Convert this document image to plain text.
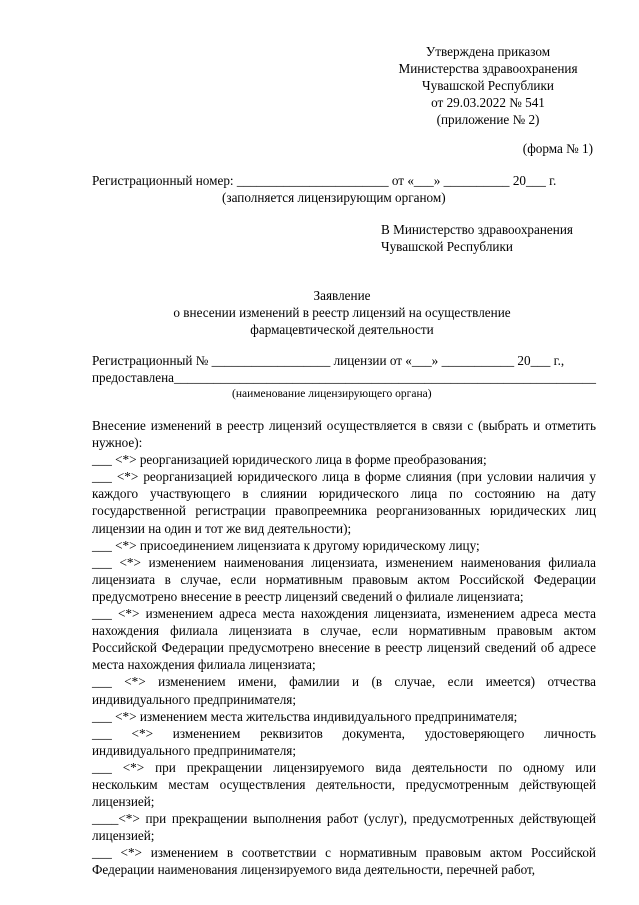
Утверждена приказом
Министерства здравоохранения
Чувашской Республики
от 29.03.2022 № 541
(приложение № 2)
(форма № 1)
Регистрационный номер: _______________________ от «___» __________ 20___ г.
(заполняется лицензирующим органом)
В Министерство здравоохранения
Чувашской Республики
Заявление
о внесении изменений в реестр лицензий на осуществление
фармацевтической деятельности
Регистрационный № __________________ лицензии от «___» ___________ 20___ г.,
предоставлена________________________________________________________________
(наименование лицензирующего органа)

Внесение изменений в реестр лицензий осуществляется в связи с (выбрать и отметить нужное):

___ <*> реорганизацией юридического лица в форме преобразования;

___ <*> реорганизацией юридического лица в форме слияния (при условии наличия у каждого участвующего в слиянии юридического лица по состоянию на дату государственной регистрации правопреемника реорганизованных юридических лиц лицензии на один и тот же вид деятельности);

___ <*> присоединением лицензиата к другому юридическому лицу;

___ <*> изменением наименования лицензиата, изменением наименования филиала лицензиата в случае, если нормативным правовым актом Российской Федерации предусмотрено внесение в реестр лицензий сведений о филиале лицензиата;

___ <*> изменением адреса места нахождения лицензиата, изменением адреса места нахождения филиала лицензиата в случае, если нормативным правовым актом Российской Федерации предусмотрено внесение в реестр лицензий сведений об адресе места нахождения филиала лицензиата;

___ <*> изменением имени, фамилии и (в случае, если имеется) отчества индивидуального предпринимателя;

___ <*> изменением места жительства индивидуального предпринимателя;

___ <*> изменением реквизитов документа, удостоверяющего личность индивидуального предпринимателя;

___ <*> при прекращении лицензируемого вида деятельности по одному или нескольким местам осуществления деятельности, предусмотренным действующей лицензией;

____<*> при прекращении выполнения работ (услуг), предусмотренных действующей лицензией;

___ <*> изменением в соответствии с нормативным правовым актом Российской Федерации наименования лицензируемого вида деятельности, перечней работ,
